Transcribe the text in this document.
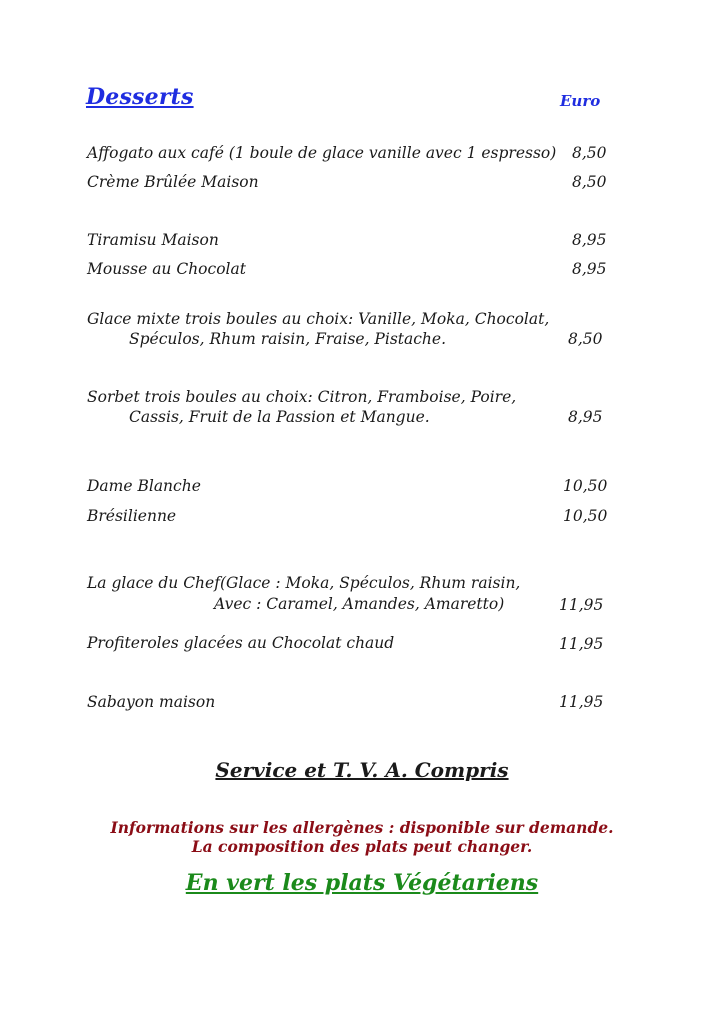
Desserts	Euro
Affogato aux café (1 boule de glace vanille avec 1 espresso) 8,50
Crème Brûlée Maison	8,50
Tiramisu Maison	8,95
Mousse au Chocolat	8,95
Glace mixte trois boules au choix: Vanille, Moka, Chocolat,
Spéculos, Rhum raisin, Fraise, Pistache.	8,50
Sorbet trois boules au choix: Citron, Framboise, Poire,
Cassis, Fruit de la Passion et Mangue.	8,95
Dame Blanche	10,50
Brésilienne	10,50
La glace du Chef(Glace : Moka, Spéculos, Rhum raisin,
Avec : Caramel, Amandes, Amaretto)	11,95
Profiteroles glacées au Chocolat chaud	11,95
Sabayon maison	11,95
Service et T. V. A. Compris
Informations sur les allergènes : disponible sur demande.
La composition des plats peut changer.
En vert les plats Végétariens
